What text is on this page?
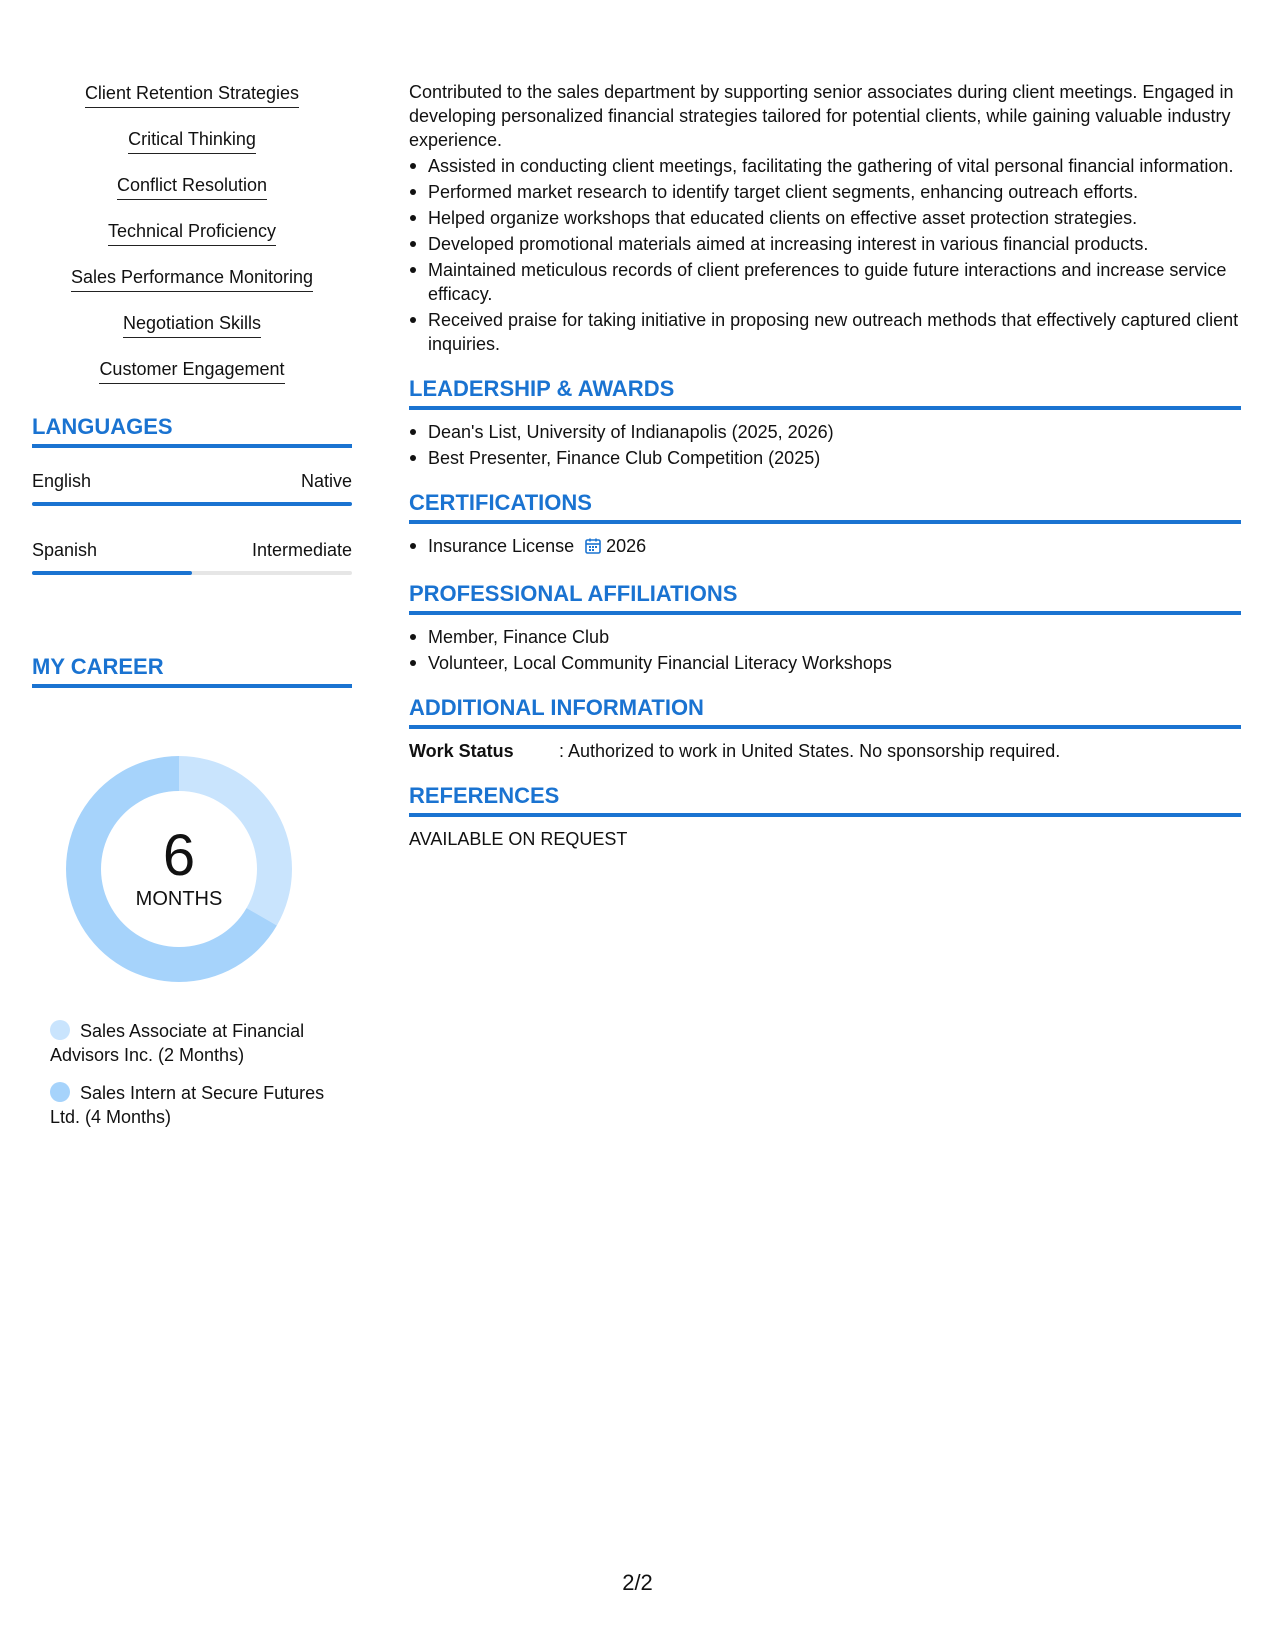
Client Retention Strategies
Critical Thinking
Conflict Resolution
Technical Proficiency
Sales Performance Monitoring
Negotiation Skills
Customer Engagement
LANGUAGES
English	Native
Spanish	Intermediate
MY CAREER
6
MONTHS
Sales Associate at Financial Advisors Inc. (2 Months)
Sales Intern at Secure Futures Ltd. (4 Months)

Contributed to the sales department by supporting senior associates during client meetings. Engaged in developing personalized financial strategies tailored for potential clients, while gaining valuable industry experience.

Assisted in conducting client meetings, facilitating the gathering of vital personal financial information.
Performed market research to identify target client segments, enhancing outreach efforts.
Helped organize workshops that educated clients on effective asset protection strategies.
Developed promotional materials aimed at increasing interest in various financial products.
Maintained meticulous records of client preferences to guide future interactions and increase service efficacy.
Received praise for taking initiative in proposing new outreach methods that effectively captured client inquiries.
LEADERSHIP & AWARDS
Dean's List, University of Indianapolis (2025, 2026)
Best Presenter, Finance Club Competition (2025)
CERTIFICATIONS
Insurance License 2026
PROFESSIONAL AFFILIATIONS
Member, Finance Club
Volunteer, Local Community Financial Literacy Workshops
ADDITIONAL INFORMATION
Work Status	: Authorized to work in United States. No sponsorship required.
REFERENCES
AVAILABLE ON REQUEST
2/2
